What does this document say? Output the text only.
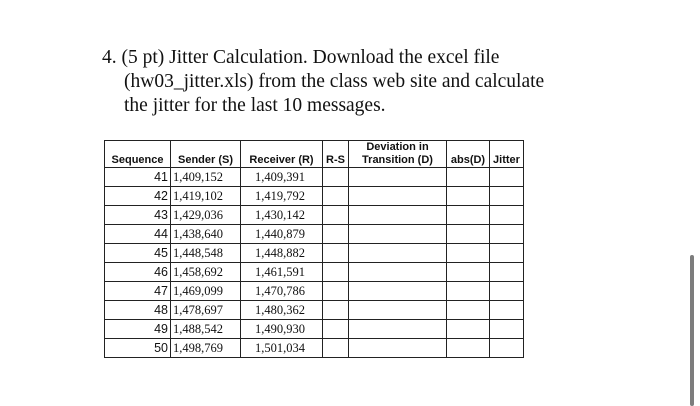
4. (5 pt) Jitter Calculation. Download the excel file
(hw03_jitter.xls) from the class web site and calculate
the jitter for the last 10 messages.
Sequence	Sender (S)	Receiver (R)	R-S	Deviation in
Transition (D)	abs(D)	Jitter
41	1,409,152	1,409,391				
42	1,419,102	1,419,792				
43	1,429,036	1,430,142				
44	1,438,640	1,440,879				
45	1,448,548	1,448,882				
46	1,458,692	1,461,591				
47	1,469,099	1,470,786				
48	1,478,697	1,480,362				
49	1,488,542	1,490,930				
50	1,498,769	1,501,034				
